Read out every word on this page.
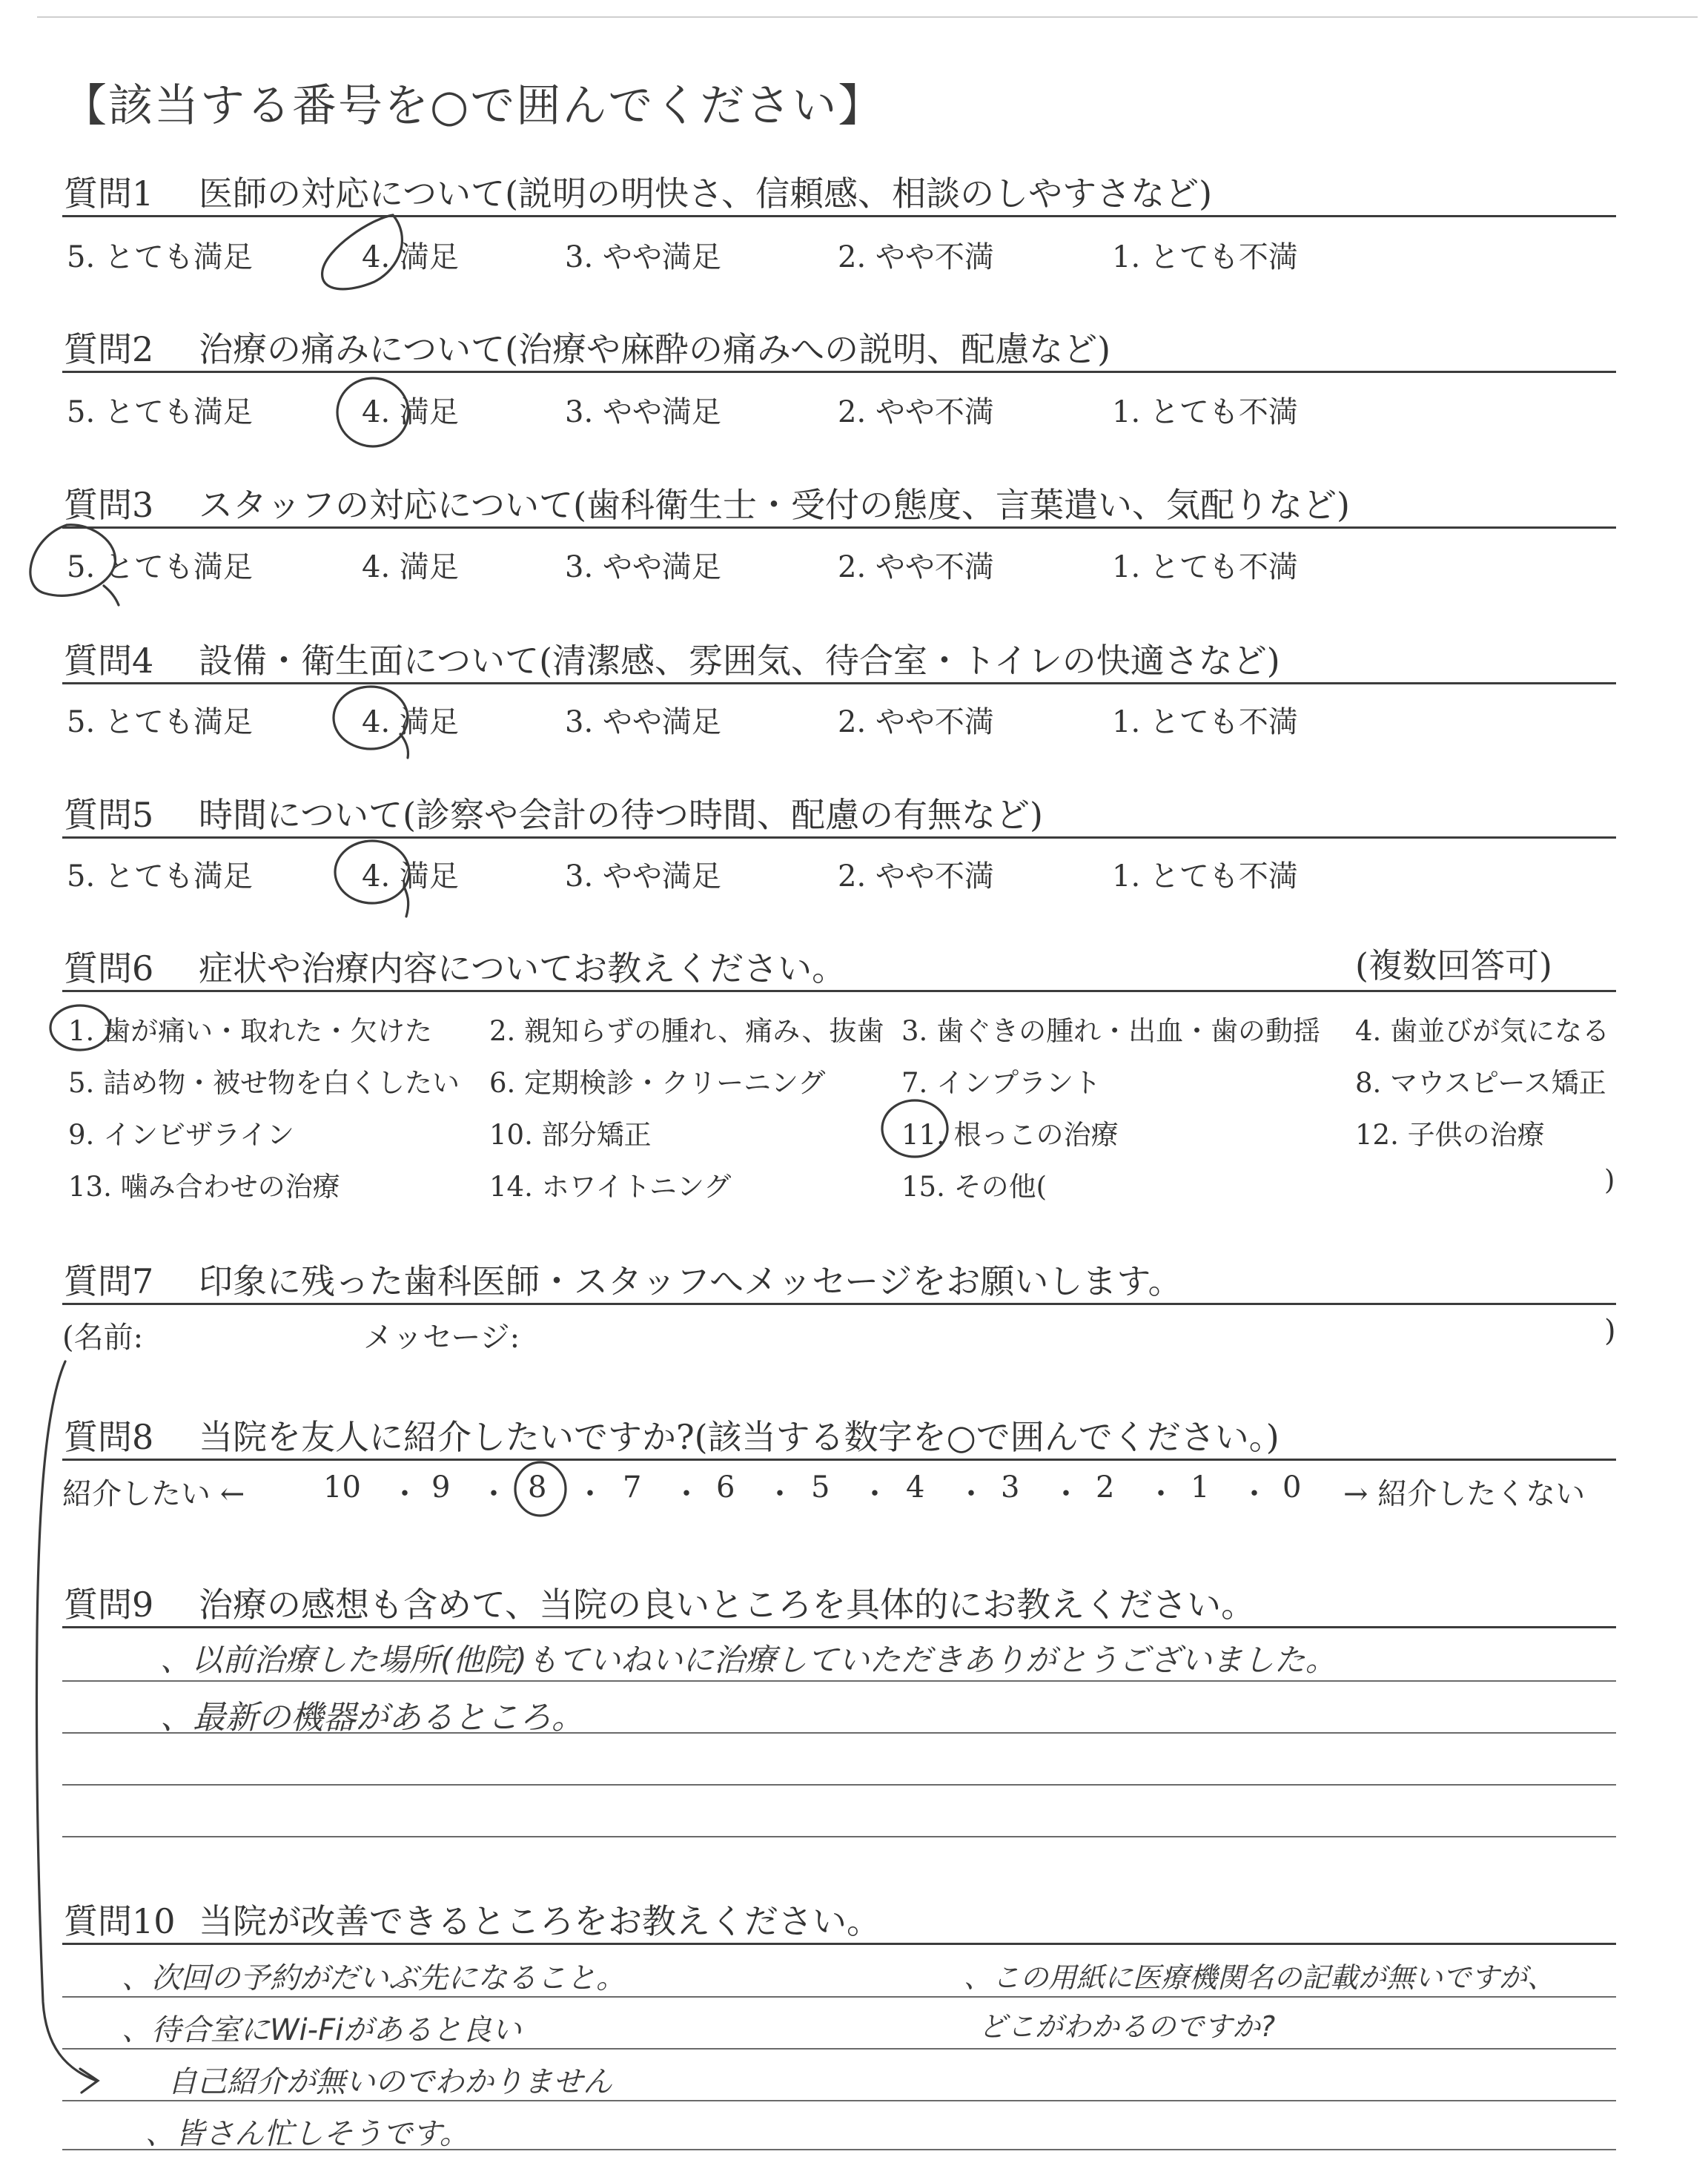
【該当する番号を○で囲んでください】
質問1 医師の対応について(説明の明快さ、信頼感、相談のしやすさなど)
5. とても満足	4. 満足	3. やや満足	2. やや不満	1. とても不満
質問2 治療の痛みについて(治療や麻酔の痛みへの説明、配慮など)
5. とても満足	4. 満足	3. やや満足	2. やや不満	1. とても不満
質問3 スタッフの対応について(歯科衛生士・受付の態度、言葉遣い、気配りなど)
5. とても満足	4. 満足	3. やや満足	2. やや不満	1. とても不満
質問4 設備・衛生面について(清潔感、雰囲気、待合室・トイレの快適さなど)
5. とても満足	4. 満足	3. やや満足	2. やや不満	1. とても不満
質問5 時間について(診察や会計の待つ時間、配慮の有無など)
5. とても満足	4. 満足	3. やや満足	2. やや不満	1. とても不満
質問6 症状や治療内容についてお教えください。	(複数回答可)
1. 歯が痛い・取れた・欠けた 2. 親知らずの腫れ、痛み、抜歯 3. 歯ぐきの腫れ・出血・歯の動揺 4. 歯並びが気になる
5. 詰め物・被せ物を白くしたい 6. 定期検診・クリーニング	7. インプラント	8. マウスピース矯正
9. インビザライン	10. 部分矯正	11. 根っこの治療	12. 子供の治療
13. 噛み合わせの治療	14. ホワイトニング	15. その他(	)
質問7 印象に残った歯科医師・スタッフへメッセージをお願いします。
(名前:	メッセージ:	)
質問8 当院を友人に紹介したいですか?(該当する数字を○で囲んでください。)
紹介したい ←	10 ・ 9 ・ 8 ・ 7 ・ 6 ・ 5 ・ 4 ・ 3 ・ 2 ・ 1 ・ 0 → 紹介したくない
質問9 治療の感想も含めて、当院の良いところを具体的にお教えください。
、以前治療した場所(他院)もていねいに治療していただきありがとうございました。
、最新の機器があるところ。
質問10 当院が改善できるところをお教えください。
、次回の予約がだいぶ先になること。
、待合室にWi-Fiがあると良い
自己紹介が無いのでわかりません
、皆さん忙しそうです。
、この用紙に医療機関名の記載が無いですが、
どこがわかるのですか?
